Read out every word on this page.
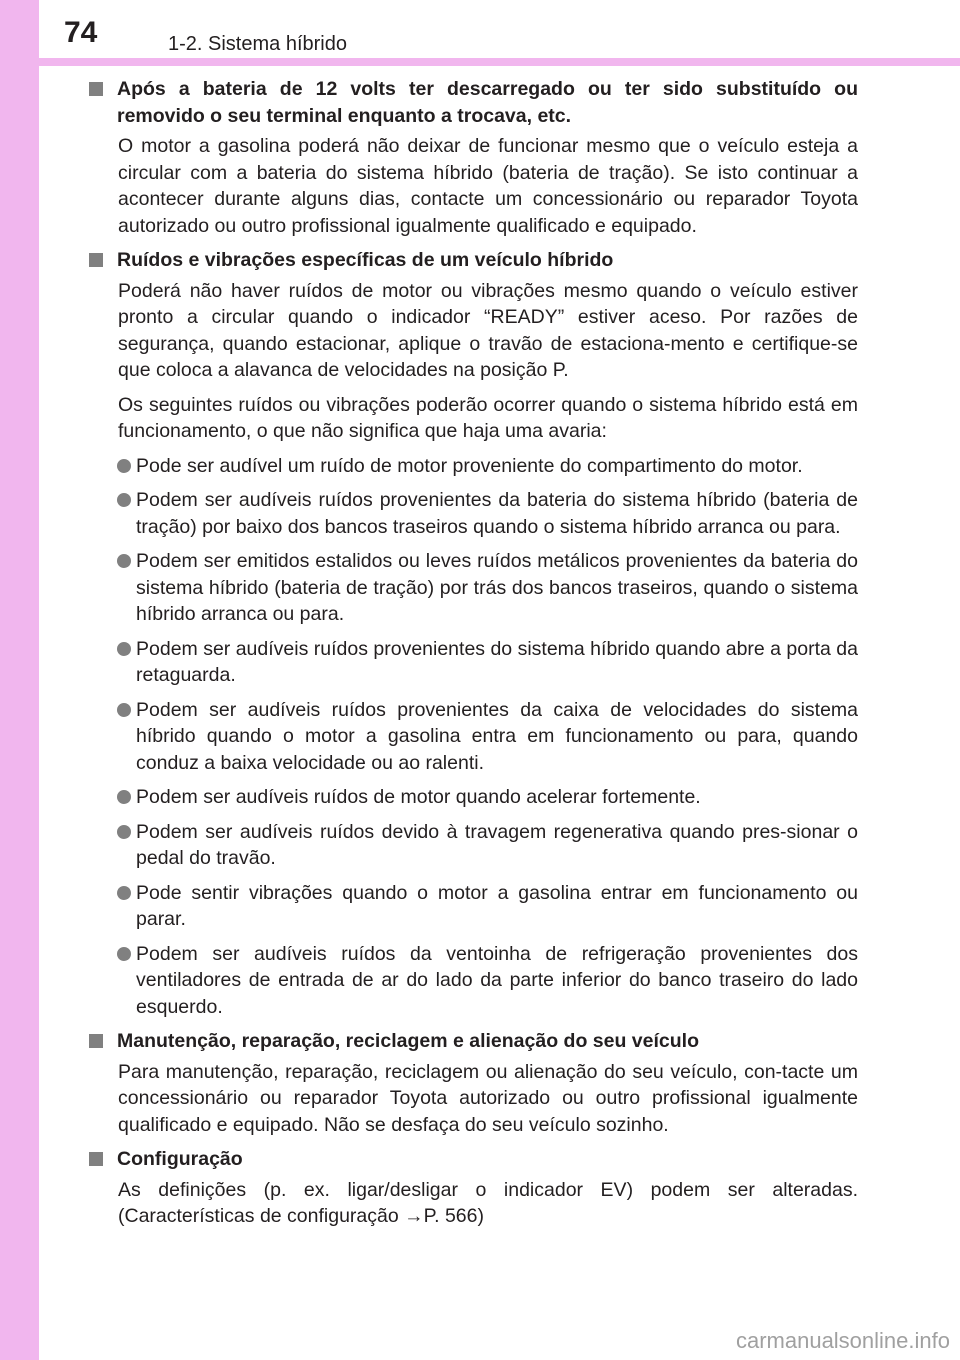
74	1-2. Sistema híbrido
Após a bateria de 12 volts ter descarregado ou ter sido substituído ou removido o seu terminal enquanto a trocava, etc.

O motor a gasolina poderá não deixar de funcionar mesmo que o veículo esteja a circular com a bateria do sistema híbrido (bateria de tração). Se isto continuar a acontecer durante alguns dias, contacte um concessionário ou reparador Toyota autorizado ou outro profissional igualmente qualificado e equipado.

Ruídos e vibrações específicas de um veículo híbrido

Poderá não haver ruídos de motor ou vibrações mesmo quando o veículo estiver pronto a circular quando o indicador “READY” estiver aceso. Por razões de segurança, quando estacionar, aplique o travão de estaciona-mento e certifique-se que coloca a alavanca de velocidades na posição P.

Os seguintes ruídos ou vibrações poderão ocorrer quando o sistema híbrido está em funcionamento, o que não significa que haja uma avaria:

Pode ser audível um ruído de motor proveniente do compartimento do motor.

Podem ser audíveis ruídos provenientes da bateria do sistema híbrido (bateria de tração) por baixo dos bancos traseiros quando o sistema híbrido arranca ou para.

Podem ser emitidos estalidos ou leves ruídos metálicos provenientes da bateria do sistema híbrido (bateria de tração) por trás dos bancos traseiros, quando o sistema híbrido arranca ou para.

Podem ser audíveis ruídos provenientes do sistema híbrido quando abre a porta da retaguarda.

Podem ser audíveis ruídos provenientes da caixa de velocidades do sistema híbrido quando o motor a gasolina entra em funcionamento ou para, quando conduz a baixa velocidade ou ao ralenti.

Podem ser audíveis ruídos de motor quando acelerar fortemente.

Podem ser audíveis ruídos devido à travagem regenerativa quando pres-sionar o pedal do travão.

Pode sentir vibrações quando o motor a gasolina entrar em funcionamento ou parar.

Podem ser audíveis ruídos da ventoinha de refrigeração provenientes dos ventiladores de entrada de ar do lado da parte inferior do banco traseiro do lado esquerdo.

Manutenção, reparação, reciclagem e alienação do seu veículo

Para manutenção, reparação, reciclagem ou alienação do seu veículo, con-tacte um concessionário ou reparador Toyota autorizado ou outro profissional igualmente qualificado e equipado. Não se desfaça do seu veículo sozinho.

Configuração

As definições (p. ex. ligar/desligar o indicador EV) podem ser alteradas. (Características de configuração →P. 566)

carmanualsonline.info
